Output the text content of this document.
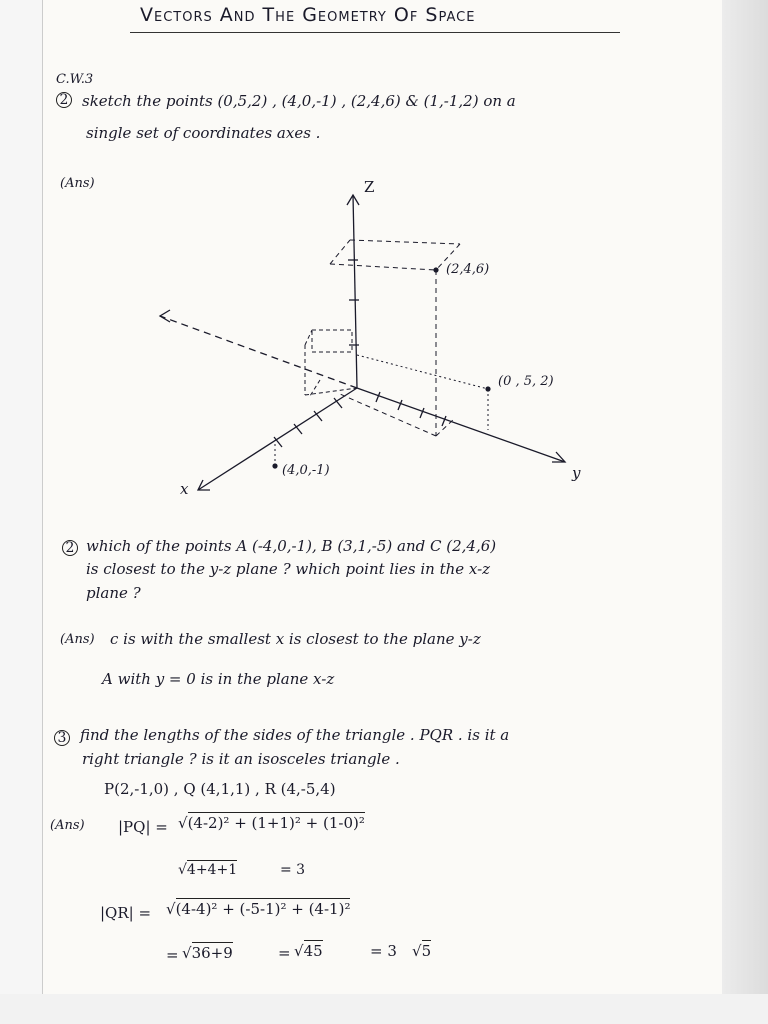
Vectors And The Geometry Of Space
C.W.3
2 sketch the points (0,5,2) , (4,0,-1) , (2,4,6) & (1,-1,2) on a
single set of coordinates axes .
(Ans)	Z
y
x
(2,4,6)
(0 , 5, 2)
(4,0,-1)
2 which of the points A (-4,0,-1), B (3,1,-5) and C (2,4,6)
is closest to the y-z plane ? which point lies in the x-z
plane ?
(Ans) c is with the smallest x is closest to the plane y-z
A with y = 0 is in the plane x-z
3 find the lengths of the sides of the triangle . PQR . is it a
right triangle ? is it an isosceles triangle .
P(2,-1,0) , Q (4,1,1) , R (4,-5,4)
(Ans) |PQ| = √(4-2)² + (1+1)² + (1-0)²
√4+4+1	= 3
|QR| = √(4-4)² + (-5-1)² + (4-1)²
= √36+9	= √45	= 3 √5
